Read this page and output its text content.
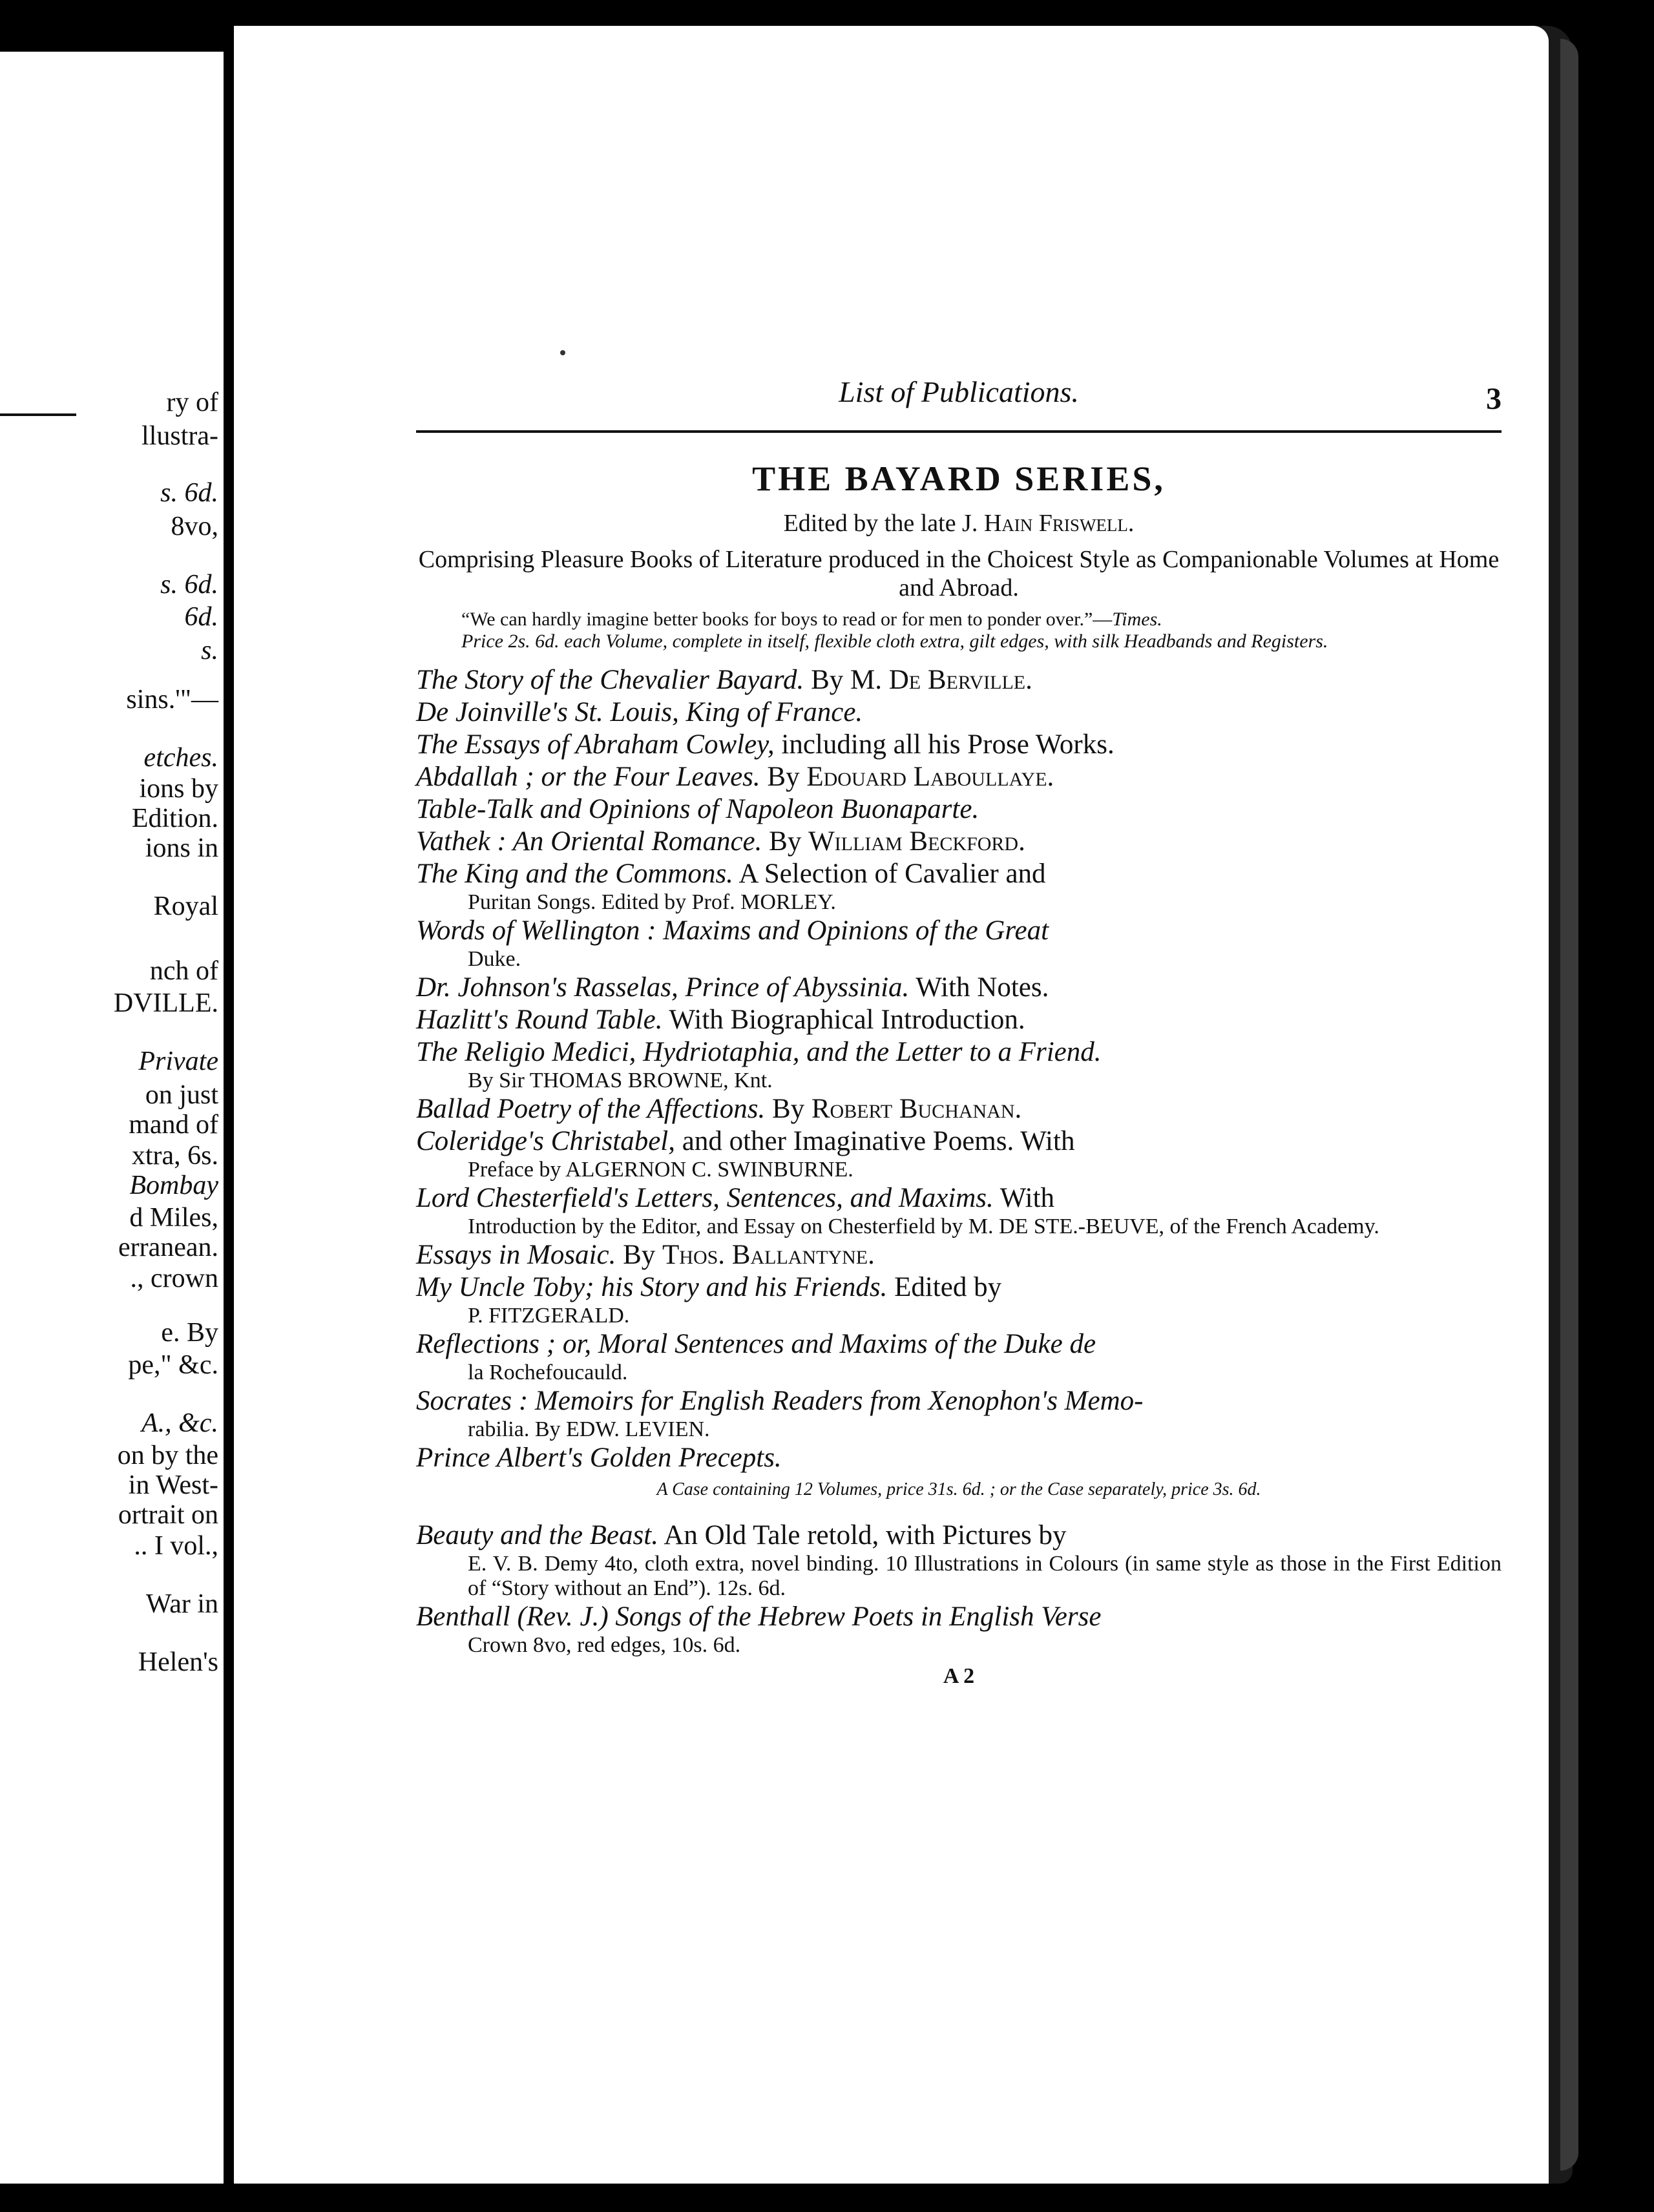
ry of
llustra-
s. 6d.
8vo,
s. 6d.
6d.
s.
sins.'"—
etches.
ions by
Edition.
ions in
Royal
nch of
DVILLE.
Private
on just
mand of
xtra, 6s.
Bombay
d Miles,
erranean.
., crown
e. By
pe," &c.
A., &c.
on by the
in West-
ortrait on
.. I vol.,
War in
Helen's
List of Publications.	3
THE BAYARD SERIES,
Edited by the late J. Hain Friswell.
Comprising Pleasure Books of Literature produced in the Choicest Style as Companionable Volumes at Home and Abroad.
“We can hardly imagine better books for boys to read or for men to ponder over.”—Times.
Price 2s. 6d. each Volume, complete in itself, flexible cloth extra, gilt edges, with silk Headbands and Registers.
The Story of the Chevalier Bayard. By M. De Berville.
De Joinville's St. Louis, King of France.
The Essays of Abraham Cowley, including all his Prose Works.
Abdallah ; or the Four Leaves. By Edouard Laboullaye.
Table-Talk and Opinions of Napoleon Buonaparte.
Vathek : An Oriental Romance. By William Beckford.
The King and the Commons. A Selection of Cavalier and
Puritan Songs. Edited by Prof. MORLEY.
Words of Wellington : Maxims and Opinions of the Great
Duke.
Dr. Johnson's Rasselas, Prince of Abyssinia. With Notes.
Hazlitt's Round Table. With Biographical Introduction.
The Religio Medici, Hydriotaphia, and the Letter to a Friend.
By Sir THOMAS BROWNE, Knt.
Ballad Poetry of the Affections. By Robert Buchanan.
Coleridge's Christabel, and other Imaginative Poems. With
Preface by ALGERNON C. SWINBURNE.
Lord Chesterfield's Letters, Sentences, and Maxims. With
Introduction by the Editor, and Essay on Chesterfield by M. DE STE.-BEUVE, of the French Academy.
Essays in Mosaic. By Thos. Ballantyne.
My Uncle Toby; his Story and his Friends. Edited by
P. FITZGERALD.
Reflections ; or, Moral Sentences and Maxims of the Duke de
la Rochefoucauld.
Socrates : Memoirs for English Readers from Xenophon's Memo-
rabilia. By EDW. LEVIEN.
Prince Albert's Golden Precepts.
A Case containing 12 Volumes, price 31s. 6d. ; or the Case separately, price 3s. 6d.
Beauty and the Beast. An Old Tale retold, with Pictures by
E. V. B. Demy 4to, cloth extra, novel binding. 10 Illustrations in Colours (in same style as those in the First Edition of “Story without an End”). 12s. 6d.
Benthall (Rev. J.) Songs of the Hebrew Poets in English Verse
Crown 8vo, red edges, 10s. 6d.
A 2
